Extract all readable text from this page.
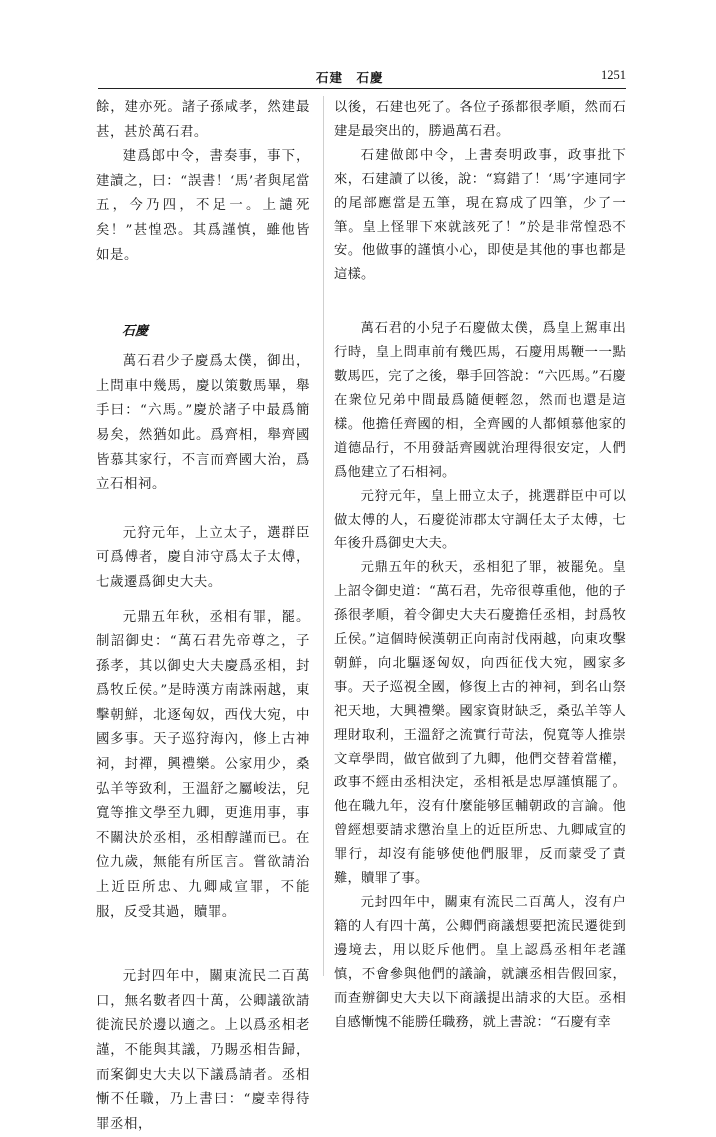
石建　石慶	1251

餘，建亦死。諸子孫咸孝，然建最甚，甚於萬石君。

建爲郎中令，書奏事，事下，建讀之，曰：“誤書！‘馬’者與尾當五，今乃四，不足一。上譴死矣！”甚惶恐。其爲謹慎，雖他皆如是。

石慶

萬石君少子慶爲太僕，御出，上問車中幾馬，慶以策數馬畢，舉手曰：“六馬。”慶於諸子中最爲簡易矣，然猶如此。爲齊相，舉齊國皆慕其家行，不言而齊國大治，爲立石相祠。

元狩元年，上立太子，選群臣可爲傅者，慶自沛守爲太子太傅，七歲遷爲御史大夫。

元鼎五年秋，丞相有罪，罷。制詔御史：“萬石君先帝尊之，子孫孝，其以御史大夫慶爲丞相，封爲牧丘侯。”是時漢方南誅兩越，東擊朝鮮，北逐匈奴，西伐大宛，中國多事。天子巡狩海內，修上古神祠，封禪，興禮樂。公家用少，桑弘羊等致利，王溫舒之屬峻法，兒寬等推文學至九卿，更進用事，事不關決於丞相，丞相醇謹而已。在位九歲，無能有所匡言。嘗欲請治上近臣所忠、九卿咸宣罪，不能服，反受其過，贖罪。

元封四年中，關東流民二百萬口，無名數者四十萬，公卿議欲請徙流民於邊以適之。上以爲丞相老謹，不能與其議，乃賜丞相告歸，而案御史大夫以下議爲請者。丞相慚不任職，乃上書曰：“慶幸得待罪丞相，

以後，石建也死了。各位子孫都很孝順，然而石建是最突出的，勝過萬石君。

石建做郎中令，上書奏明政事，政事批下來，石建讀了以後，說：“寫錯了！‘馬’字連同字的尾部應當是五筆，現在寫成了四筆，少了一筆。皇上怪罪下來就該死了！”於是非常惶恐不安。他做事的謹慎小心，即使是其他的事也都是這樣。

萬石君的小兒子石慶做太僕，爲皇上駕車出行時，皇上問車前有幾匹馬，石慶用馬鞭一一點數馬匹，完了之後，舉手回答說：“六匹馬。”石慶在衆位兄弟中間最爲隨便輕忽，然而也還是這樣。他擔任齊國的相，全齊國的人都傾慕他家的道德品行，不用發話齊國就治理得很安定，人們爲他建立了石相祠。

元狩元年，皇上冊立太子，挑選群臣中可以做太傅的人，石慶從沛郡太守調任太子太傅，七年後升爲御史大夫。

元鼎五年的秋天，丞相犯了罪，被罷免。皇上詔令御史道：“萬石君，先帝很尊重他，他的子孫很孝順，着令御史大夫石慶擔任丞相，封爲牧丘侯。”這個時候漢朝正向南討伐兩越，向東攻擊朝鮮，向北驅逐匈奴，向西征伐大宛，國家多事。天子巡視全國，修復上古的神祠，到名山祭祀天地，大興禮樂。國家資財缺乏，桑弘羊等人理財取利，王溫舒之流實行苛法，倪寬等人推崇文章學問，做官做到了九卿，他們交替着當權，政事不經由丞相決定，丞相衹是忠厚謹慎罷了。他在職九年，沒有什麼能够匡輔朝政的言論。他曾經想要請求懲治皇上的近臣所忠、九卿咸宣的罪行，却沒有能够使他們服罪，反而蒙受了責難，贖罪了事。

元封四年中，關東有流民二百萬人，沒有户籍的人有四十萬，公卿們商議想要把流民遷徙到邊境去，用以貶斥他們。皇上認爲丞相年老謹慎，不會參與他們的議論，就讓丞相告假回家，而查辦御史大夫以下商議提出請求的大臣。丞相自感慚愧不能勝任職務，就上書說：“石慶有幸
